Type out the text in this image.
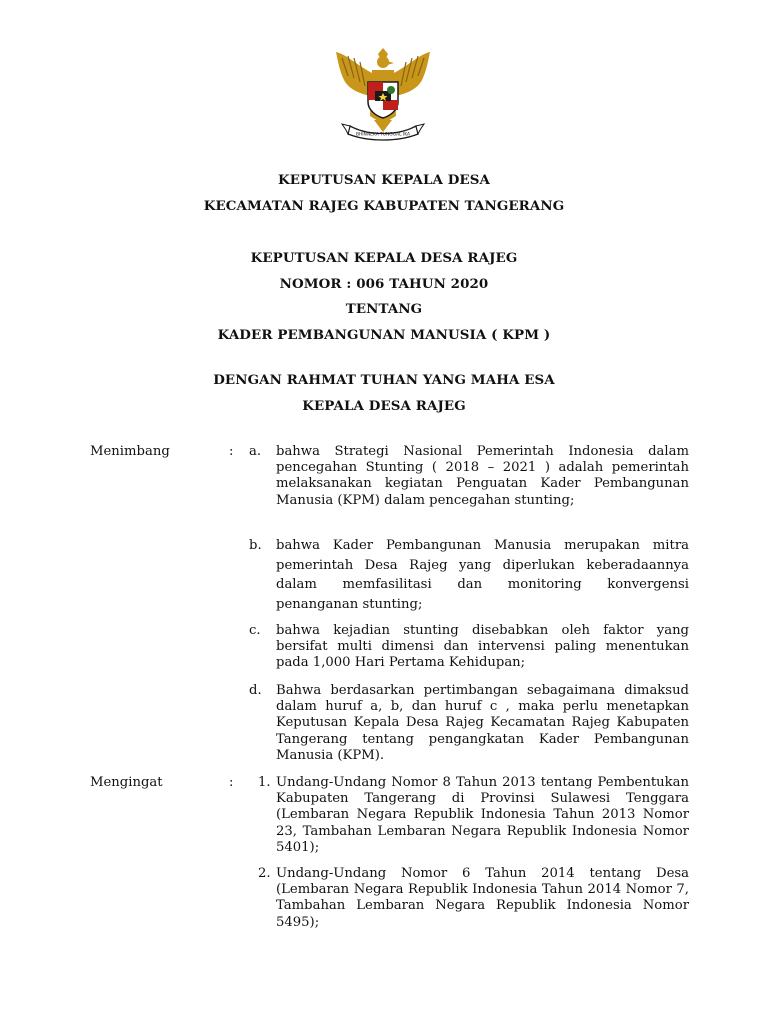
BHINNEKA TUNGGAL IKA
KEPUTUSAN KEPALA DESA
KECAMATAN RAJEG KABUPATEN TANGERANG
KEPUTUSAN KEPALA DESA RAJEG
NOMOR : 006 TAHUN 2020
TENTANG
KADER PEMBANGUNAN MANUSIA ( KPM )
DENGAN RAHMAT TUHAN YANG MAHA ESA
KEPALA DESA RAJEG
Menimbang	: a. bahwa Strategi Nasional Pemerintah Indonesia dalam pencegahan Stunting ( 2018 – 2021 ) adalah pemerintah melaksanakan kegiatan Penguatan Kader Pembangunan Manusia (KPM) dalam pencegahan stunting;
b. bahwa Kader Pembangunan Manusia merupakan mitra pemerintah Desa Rajeg yang diperlukan keberadaannya dalam memfasilitasi dan monitoring konvergensi penanganan stunting;
c. bahwa kejadian stunting disebabkan oleh faktor yang bersifat multi dimensi dan intervensi paling menentukan pada 1,000 Hari Pertama Kehidupan;
d. Bahwa berdasarkan pertimbangan sebagaimana dimaksud dalam huruf a, b, dan huruf c , maka perlu menetapkan Keputusan Kepala Desa Rajeg Kecamatan Rajeg Kabupaten Tangerang tentang pengangkatan Kader Pembangunan Manusia (KPM).
Mengingat	: 1. Undang-Undang Nomor 8 Tahun 2013 tentang Pembentukan Kabupaten Tangerang di Provinsi Sulawesi Tenggara (Lembaran Negara Republik Indonesia Tahun 2013 Nomor 23, Tambahan Lembaran Negara Republik Indonesia Nomor 5401);
2. Undang-Undang Nomor 6 Tahun 2014 tentang Desa (Lembaran Negara Republik Indonesia Tahun 2014 Nomor 7, Tambahan Lembaran Negara Republik Indonesia Nomor 5495);
